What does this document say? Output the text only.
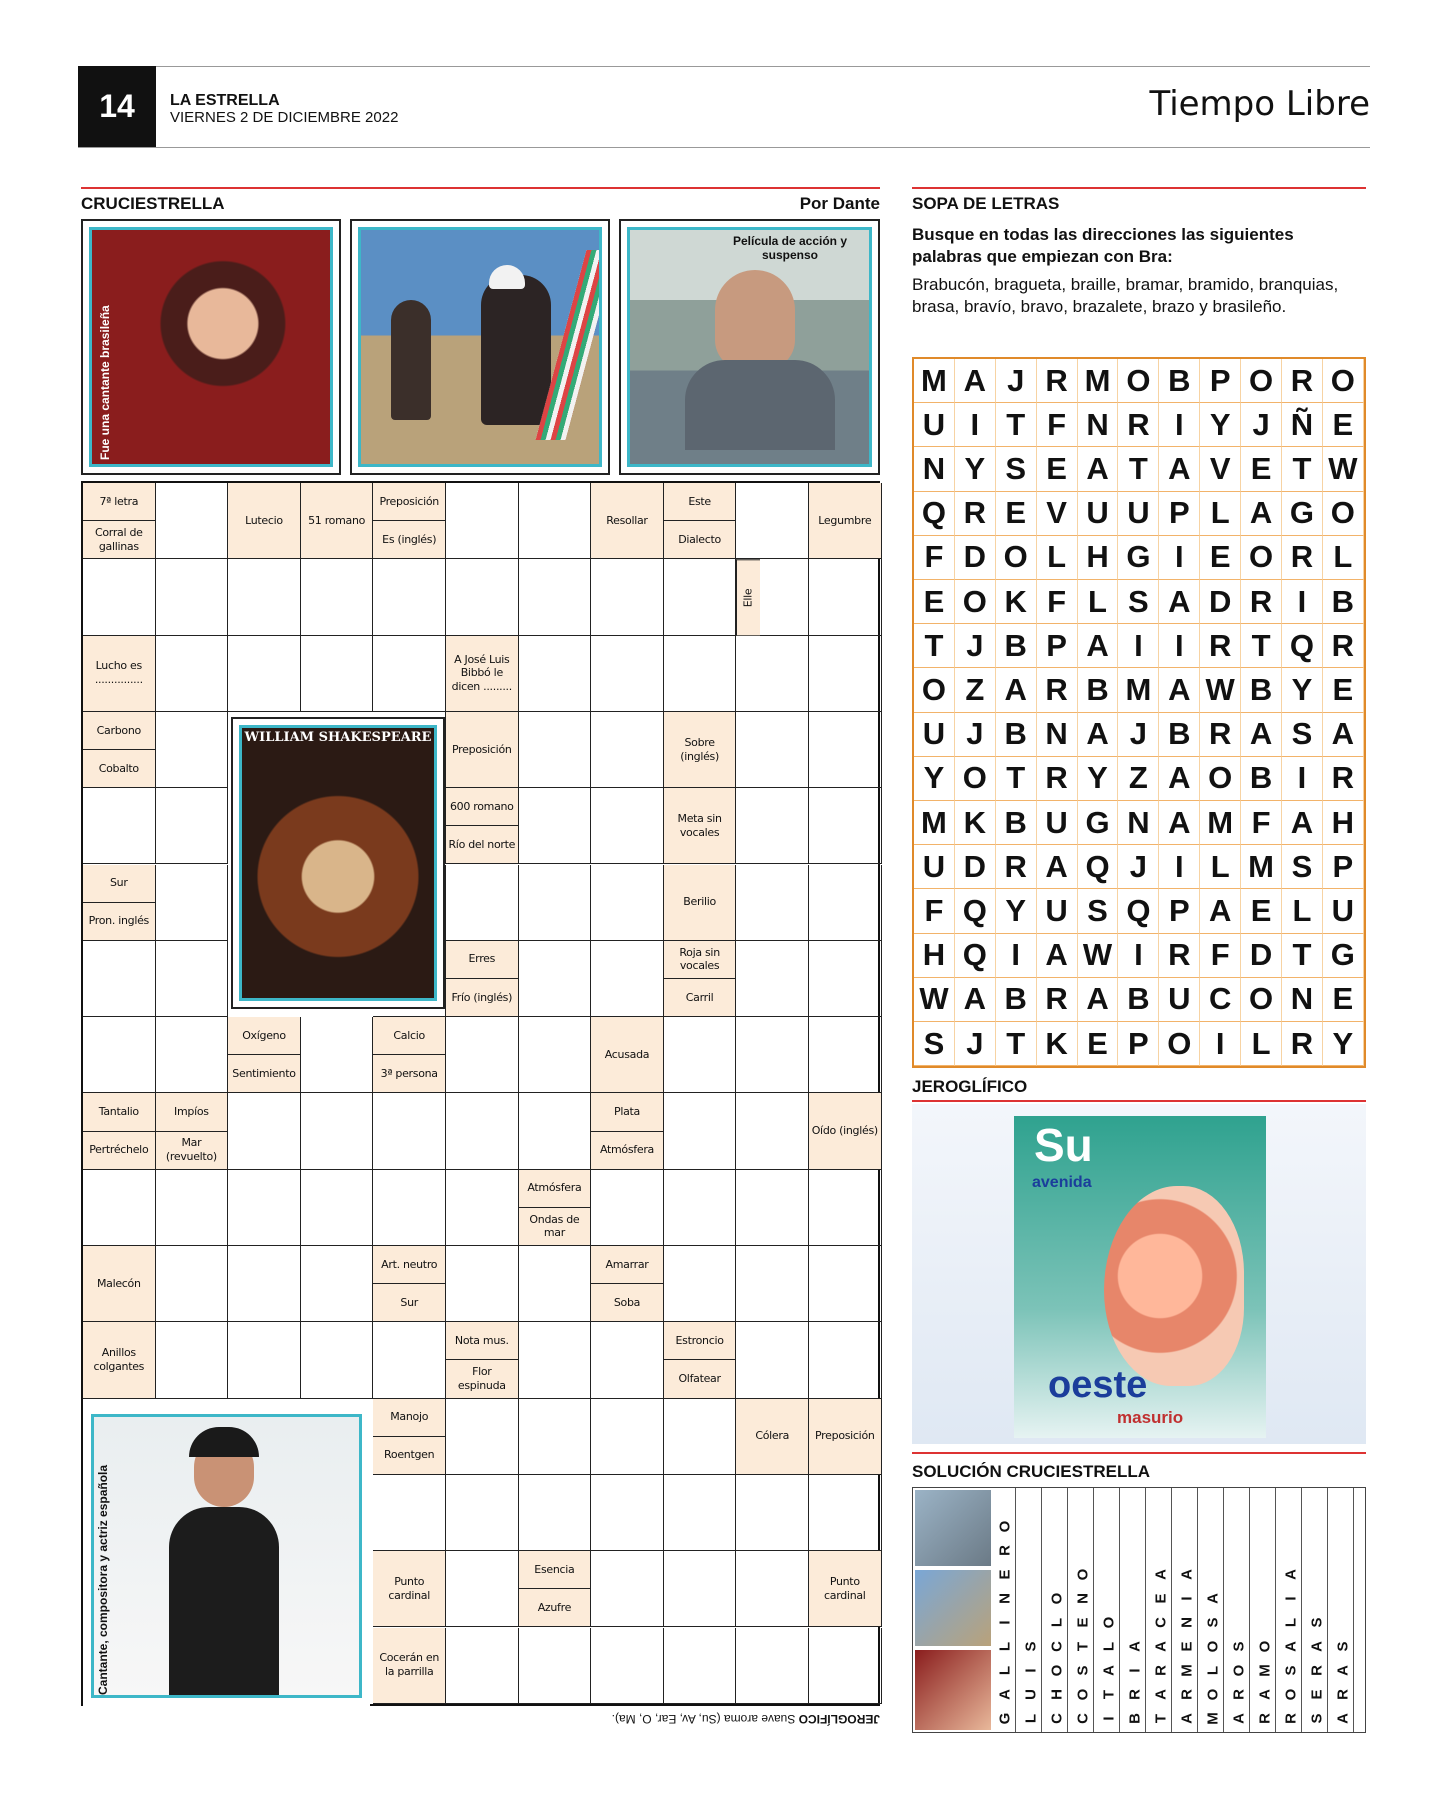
14	LA ESTRELLA
VIERNES 2 DE DICIEMBRE 2022	Tiempo Libre
CRUCIESTRELLA	Por Dante
Fue una cantante brasileña
Película de acción y suspenso
7ª letra
Corral de gallinas
Lutecio	51 romano
Preposición
Es (inglés)
Resollar
Este
Dialecto
Legumbre
Lucho es ...............
A José Luis Bibbó le dicen .........
Carbono
Cobalto
Preposición
Sobre (inglés)
600 romano
Río del norte
Meta sin vocales
Sur
Pron. inglés
Berilio
Erres
Frío (inglés)
Roja sin vocales
Carril
Oxígeno
Sentimiento
Calcio
3ª persona
Acusada
Tantalio
Pertréchelo
Impíos
Mar (revuelto)
Plata
Atmósfera
Oído (inglés)
Atmósfera
Ondas de mar
Malecón
Art. neutro
Sur
Amarrar
Soba
Anillos colgantes
Nota mus.
Flor espinuda
Estroncio
Olfatear
Manojo
Roentgen
Cólera	Preposición
Punto cardinal
Esencia
Azufre
Punto cardinal
Cocerán en la parrilla
Elle
WILLIAM SHAKESPEARE
Cantante, compositora y actriz española
JEROGLÍFICO Suave aroma (Su, Av, Ear, O, Ma).
SOPA DE LETRAS
Busque en todas las direcciones las siguientes palabras que empiezan con Bra:
Brabucón, bragueta, braille, bramar, bramido, branquias, brasa, bravío, bravo, brazalete, brazo y brasileño.
M A J R M O B P O R O
U I T F N R I Y J Ñ E
N Y S E A T A V E T W
Q R E V U U P L A G O
F D O L H G I E O R L
E O K F L S A D R I B
T J B P A I	I R T Q R
O Z A R B M A W B Y E
U J B N A J B R A S A
Y O T R Y Z A O B I R
M K B U G N A M F A H
U D R A Q J I L M S P
F Q Y U S Q P A E L U
H Q I A W I R F D T G
W A B R A B U C O N E
S J T K E P O I L R Y
JEROGLÍFICO
Su
avenida
oeste
masurio
SOLUCIÓN CRUCIESTRELLA
G
A
L
L
I
N
E
R
O
L
U
I
S
C
H
O
C
L
O
C
O
S
T
E
N
O
I
T
A
L
O
B
R
I
A
T
A
R
A
C
E
A
A
R
M
E
N
I
A
M
O
L
O
S
A
A
R
O
S
R
A
M
O
R
O
S
A
L
I
A
S
E
R
A
S
A
R
A
S
